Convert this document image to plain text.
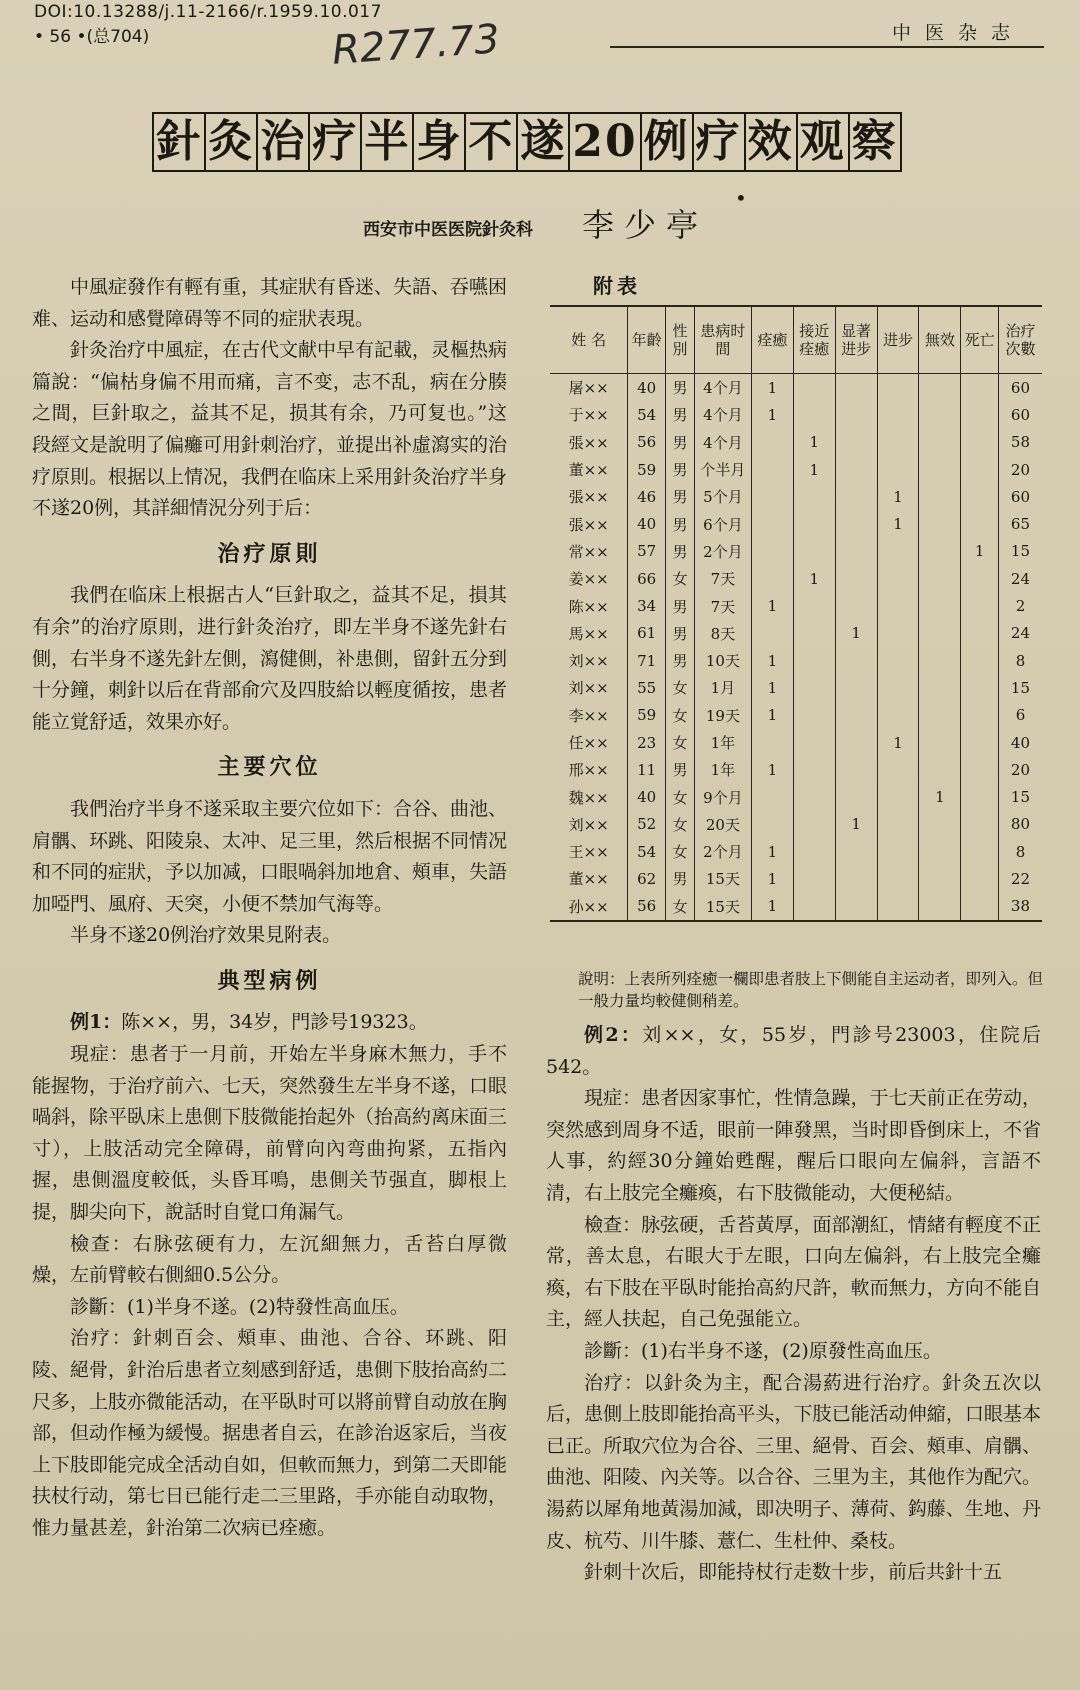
DOI:10.13288/j.11-2166/r.1959.10.017
• 56 •(总704)	R277.73	中医杂志
針 灸 治 疗 半 身 不 遂 20 例 疗 效 观 察
•
西安市中医医院針灸科 李少亭

中風症發作有輕有重，其症狀有昏迷、失語、吞嚥困难、运动和感覺障碍等不同的症狀表現。

針灸治疗中風症，在古代文献中早有記載，灵樞热病篇說：“偏枯身偏不用而痛，言不变，志不乱，病在分腠之間，巨針取之，益其不足，损其有余，乃可复也。”这段經文是說明了偏癱可用針刺治疗，並提出补虛瀉实的治疗原則。根据以上情况，我們在临床上采用針灸治疗半身不遂20例，其詳細情況分列于后：

治疗原則

我們在临床上根据古人“巨針取之，益其不足，損其有余”的治疗原則，进行針灸治疗，即左半身不遂先針右側，右半身不遂先針左側，瀉健側，补患側，留針五分到十分鐘，刺針以后在背部俞穴及四肢給以輕度循按，患者能立覚舒适，效果亦好。

主要穴位

我們治疗半身不遂采取主要穴位如下：合谷、曲池、肩髃、环跳、阳陵泉、太冲、足三里，然后根据不同情况和不同的症狀，予以加减，口眼喎斜加地倉、頰車，失語加啞門、風府、天突，小便不禁加气海等。

半身不遂20例治疗效果見附表。

典型病例

例1：陈××，男，34岁，門診号19323。

現症：患者于一月前，开始左半身麻木無力，手不能握物，于治疗前六、七天，突然發生左半身不遂，口眼喎斜，除平臥床上患側下肢微能抬起外（抬高約离床面三寸），上肢活动完全障碍，前臂向內弯曲拘紧，五指內握，患側溫度較低，头昏耳鳴，患側关节强直，脚根上提，脚尖向下，說話时自覚口角漏气。

檢查：右脉弦硬有力，左沉細無力，舌苔白厚微燥，左前臂較右側細0.5公分。

診斷：(1)半身不遂。(2)特發性高血压。

治疗：針刺百会、頰車、曲池、合谷、环跳、阳陵、絕骨，針治后患者立刻感到舒适，患側下肢抬高約二尺多，上肢亦微能活动，在平臥时可以將前臂自动放在胸部，但动作極为緩慢。据患者自云，在診治返家后，当夜上下肢即能完成全活动自如，但軟而無力，到第二天即能扶杖行动，第七日已能行走二三里路，手亦能自动取物，惟力量甚差，針治第二次病已痊癒。

附表
姓 名	年齡	性別	患病时間	痊癒	接近痊癒	显著进步	进步	無效	死亡	治疗次數
屠××	40	男	4个月	1						60
于××	54	男	4个月	1						60
張××	56	男	4个月		1					58
董××	59	男	个半月		1					20
張××	46	男	5个月				1			60
張××	40	男	6个月				1			65
常××	57	男	2个月						1	15
姜××	66	女	7天		1					24
陈××	34	男	7天	1						2
馬××	61	男	8天			1				24
刘××	71	男	10天	1						8
刘××	55	女	1月	1						15
李××	59	女	19天	1						6
任××	23	女	1年				1			40
邢××	11	男	1年	1						20
魏××	40	女	9个月					1		15
刘××	52	女	20天			1				80
王××	54	女	2个月	1						8
董××	62	男	15天	1						22
孙××	56	女	15天	1						38
說明：上表所列痊癒一欄即患者肢上下側能自主运动者，即列入。但一般力量均較健側稍差。

例2：刘××，女，55岁，門診号23003，住院后542。

現症：患者因家事忙，性情急躁，于七天前正在劳动，突然感到周身不适，眼前一陣發黑，当时即昏倒床上，不省人事，約經30分鐘始甦醒，醒后口眼向左偏斜，言語不清，右上肢完全癱瘓，右下肢微能动，大便秘結。

檢查：脉弦硬，舌苔黃厚，面部潮紅，情緒有輕度不正常，善太息，右眼大于左眼，口向左偏斜，右上肢完全癱瘓，右下肢在平臥时能抬高約尺許，軟而無力，方向不能自主，經人扶起，自己免强能立。

診斷：(1)右半身不遂，(2)原發性高血压。

治疗：以針灸为主，配合湯葯进行治疗。針灸五次以后，患側上肢即能抬高平头，下肢已能活动伸縮，口眼基本已正。所取穴位为合谷、三里、絕骨、百会、頰車、肩髃、曲池、阳陵、內关等。以合谷、三里为主，其他作为配穴。湯葯以犀角地黃湯加減，即决明子、薄荷、鈎藤、生地、丹皮、杭芍、川牛膝、薏仁、生杜仲、桑枝。

針刺十次后，即能持杖行走数十步，前后共針十五
